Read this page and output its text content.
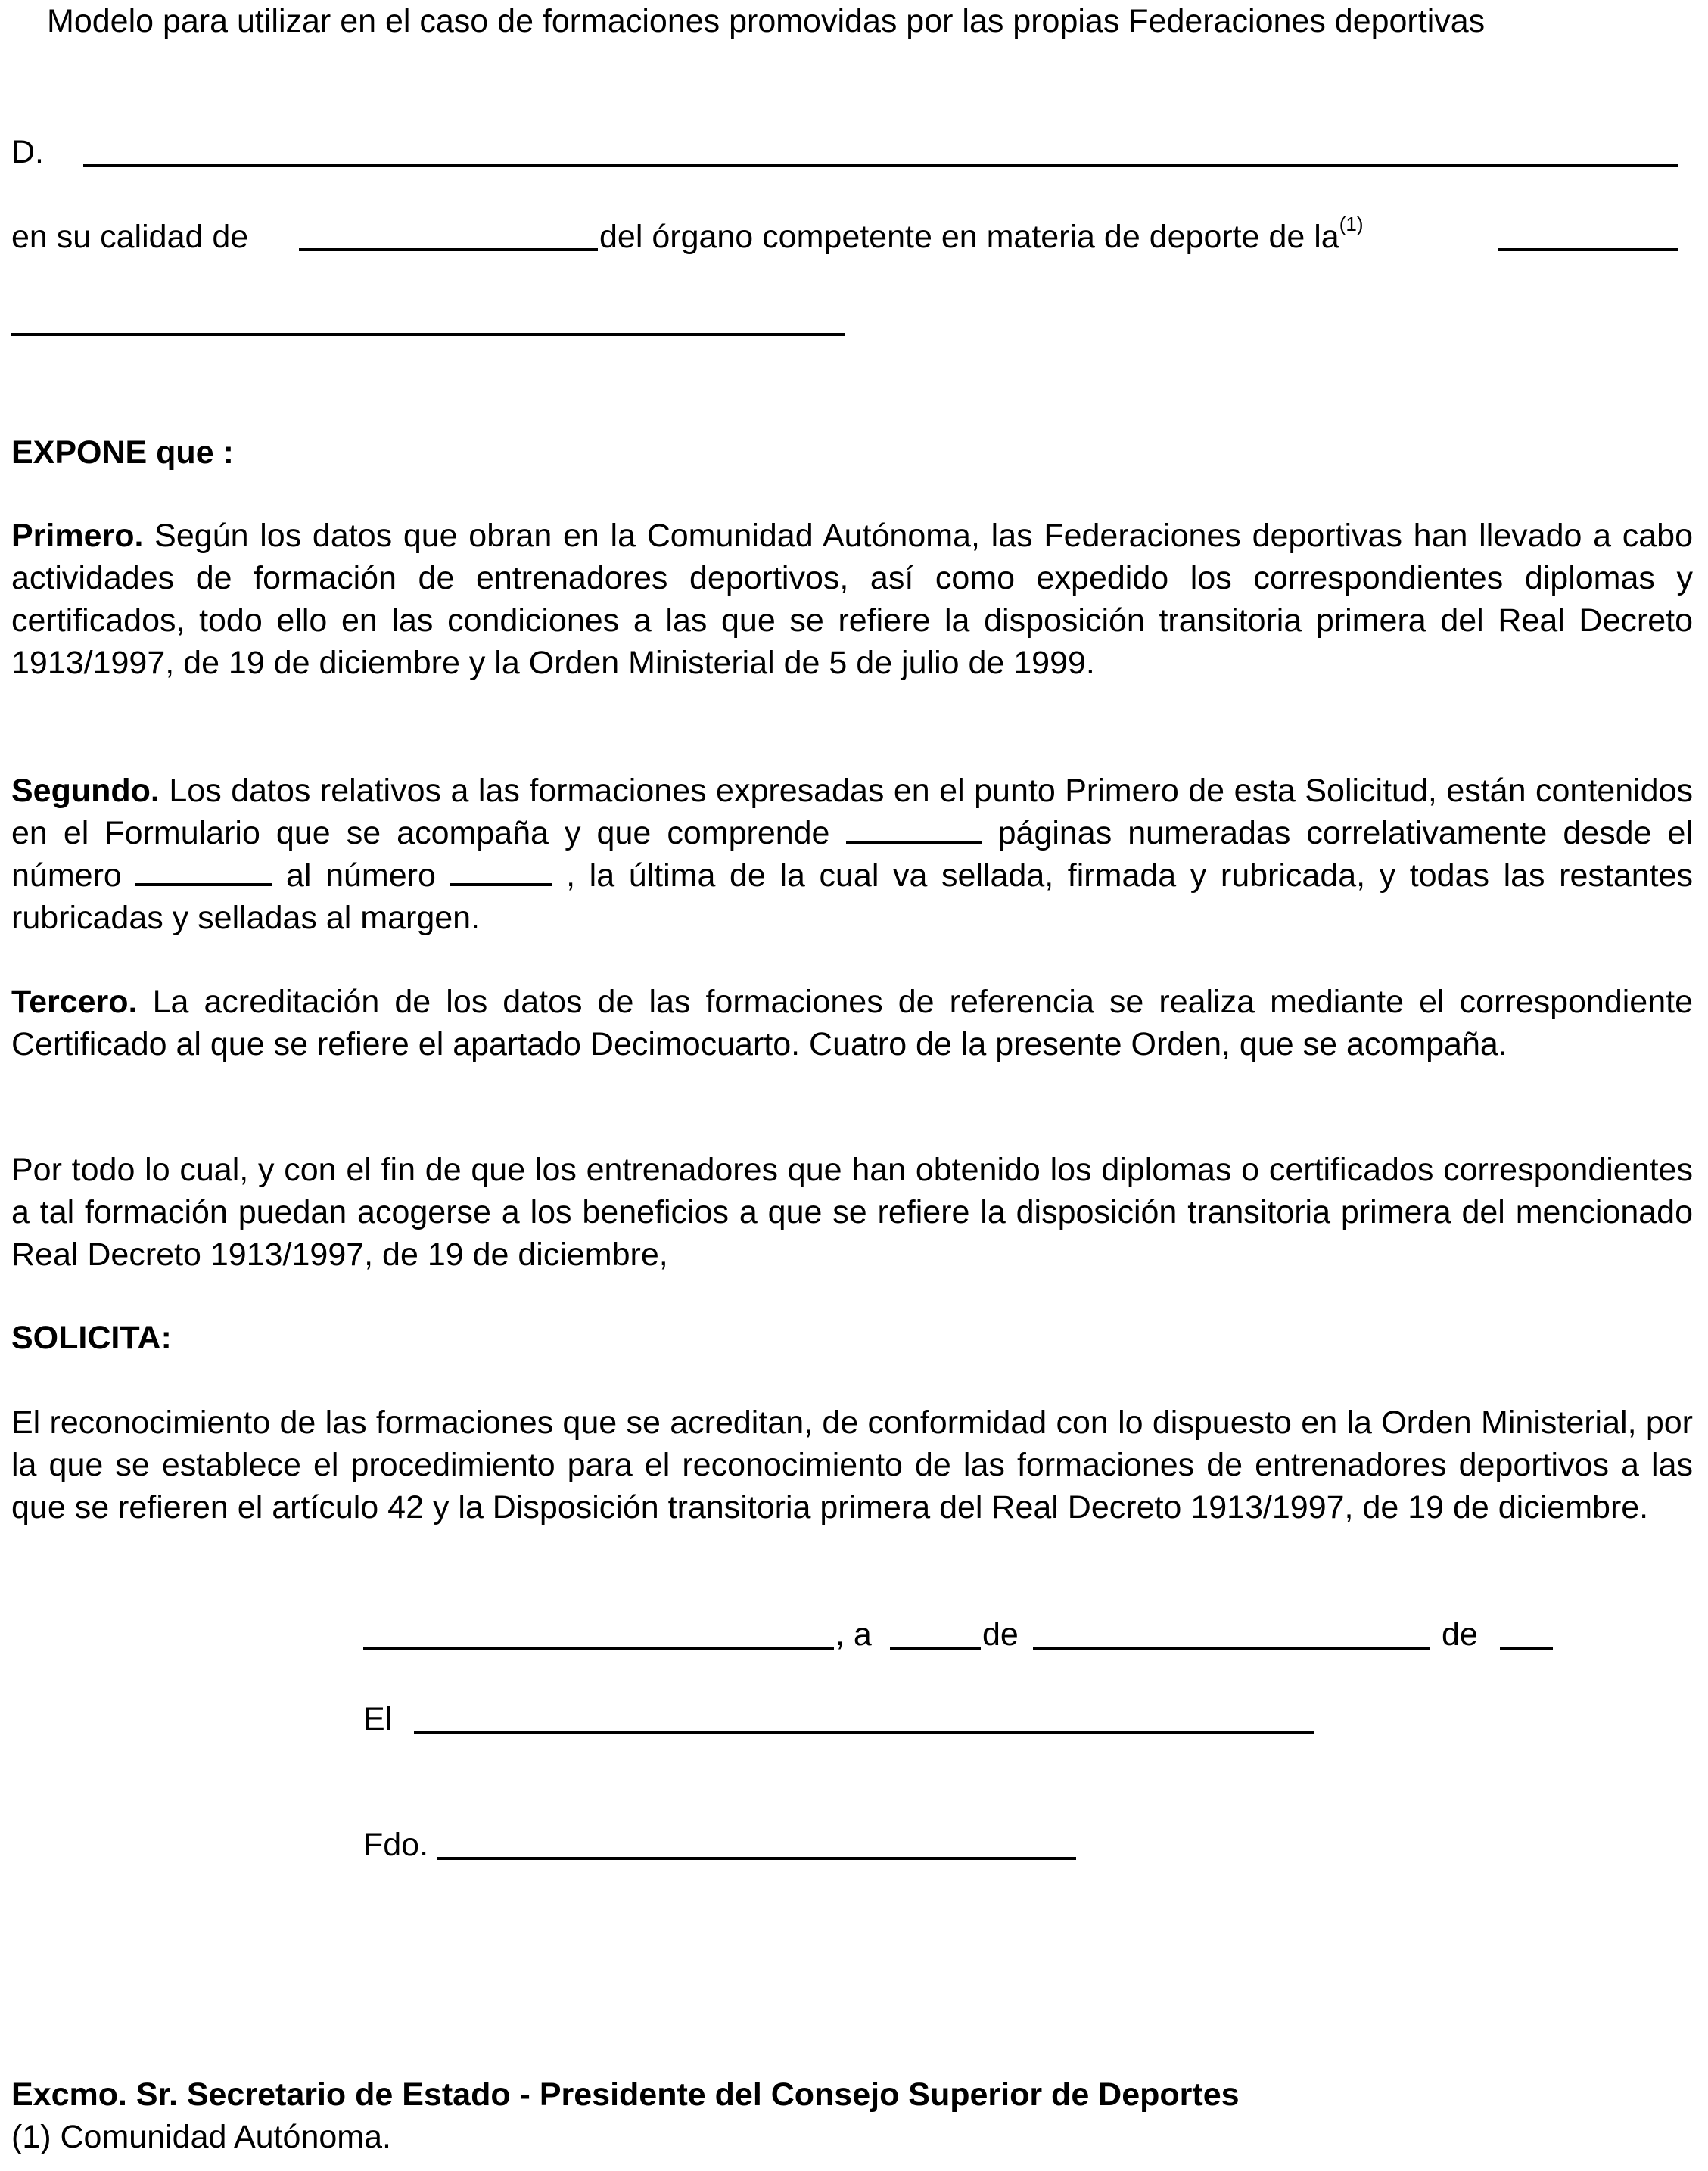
Modelo para utilizar en el caso de formaciones promovidas por las propias Federaciones deportivas
D.
en su calidad de	del órgano competente en materia de deporte de $la^{(1)}$
EXPONE que :
Primero. Según los datos que obran en la Comunidad Autónoma, las Federaciones deportivas han llevado a cabo actividades de formación de entrenadores deportivos, así como expedido los correspondientes diplomas y certificados, todo ello en las condiciones a las que se refiere la disposición transitoria primera del Real Decreto 1913/1997, de 19 de diciembre y la Orden Ministerial de 5 de julio de 1999.
Segundo. Los datos relativos a las formaciones expresadas en el punto Primero de esta Solicitud, están contenidos en el Formulario que se acompaña y que comprende	páginas numeradas correlativamente desde el número	al número	, la última de la cual va sellada, firmada y rubricada, y todas las restantes rubricadas y selladas al margen.
Tercero. La acreditación de los datos de las formaciones de referencia se realiza mediante el correspondiente Certificado al que se refiere el apartado Decimocuarto. Cuatro de la presente Orden, que se acompaña.
Por todo lo cual, y con el fin de que los entrenadores que han obtenido los diplomas o certificados correspondientes a tal formación puedan acogerse a los beneficios a que se refiere la disposición transitoria primera del mencionado Real Decreto 1913/1997, de 19 de diciembre,
SOLICITA:
El reconocimiento de las formaciones que se acreditan, de conformidad con lo dispuesto en la Orden Ministerial, por la que se establece el procedimiento para el reconocimiento de las formaciones de entrenadores deportivos a las que se refieren el artículo 42 y la Disposición transitoria primera del Real Decreto 1913/1997, de 19 de diciembre.
, a	de	de
El
Fdo.
Excmo. Sr. Secretario de Estado - Presidente del Consejo Superior de Deportes
(1) Comunidad Autónoma.
